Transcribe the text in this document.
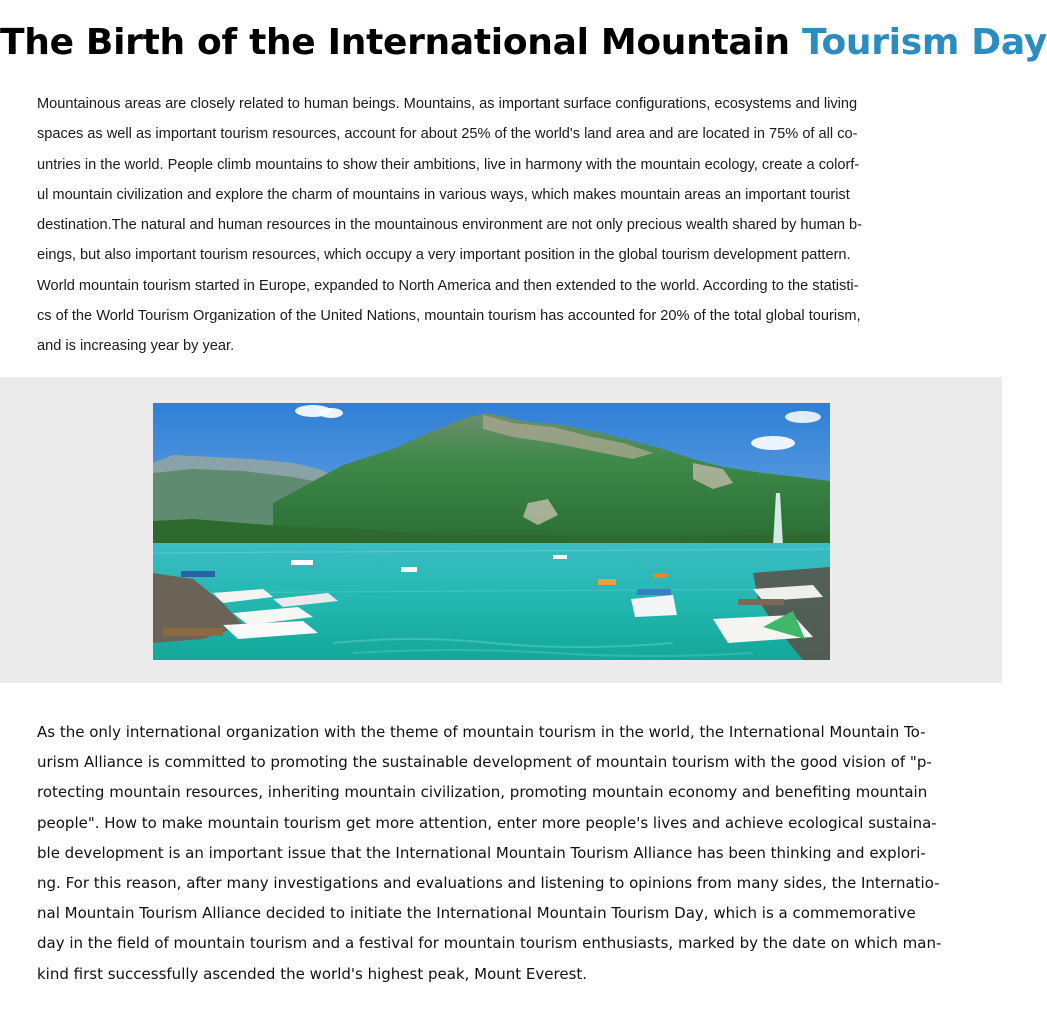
The Birth of the International Mountain Tourism Day

Mountainous areas are closely related to human beings. Mountains, as important surface configurations, ecosystems and living
spaces as well as important tourism resources, account for about 25% of the world's land area and are located in 75% of all co-
untries in the world. People climb mountains to show their ambitions, live in harmony with the mountain ecology, create a colorf-
ul mountain civilization and explore the charm of mountains in various ways, which makes mountain areas an important tourist
destination.The natural and human resources in the mountainous environment are not only precious wealth shared by human b-
eings, but also important tourism resources, which occupy a very important position in the global tourism development pattern.
World mountain tourism started in Europe, expanded to North America and then extended to the world. According to the statisti-
cs of the World Tourism Organization of the United Nations, mountain tourism has accounted for 20% of the total global tourism,
and is increasing year by year.

As the only international organization with the theme of mountain tourism in the world, the International Mountain To-
urism Alliance is committed to promoting the sustainable development of mountain tourism with the good vision of "p-
rotecting mountain resources, inheriting mountain civilization, promoting mountain economy and benefiting mountain
people". How to make mountain tourism get more attention, enter more people's lives and achieve ecological sustaina-
ble development is an important issue that the International Mountain Tourism Alliance has been thinking and explori-
ng. For this reason, after many investigations and evaluations and listening to opinions from many sides, the Internatio-
nal Mountain Tourism Alliance decided to initiate the International Mountain Tourism Day, which is a commemorative
day in the field of mountain tourism and a festival for mountain tourism enthusiasts, marked by the date on which man-
kind first successfully ascended the world's highest peak, Mount Everest.
